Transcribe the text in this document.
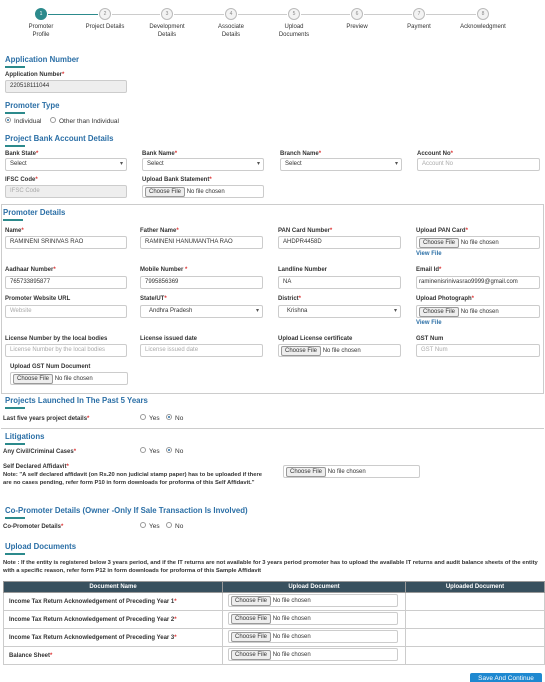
1
Promoter
Profile
2
Project Details
3
Development
Details
4
Associate
Details
5
Upload
Documents
6
Preview
7
Payment
8
Acknowledgment
Application Number
Application Number*
220518111044
Promoter Type
Individual	Other than Individual
Project Bank Account Details
Bank State*
Select ▾
Bank Name*
Select ▾
Branch Name*
Select ▾
Account No*
Account No
IFSC Code*
IFSC Code
Upload Bank Statement*
Choose File No file chosen
Promoter Details
Name*
RAMINENI SRINIVAS RAO
Father Name*
RAMINENI HANUMANTHA RAO
PAN Card Number*
AHDPR4458D
Upload PAN Card*
Choose File No file chosen
View File
Aadhaar Number*
765733895877
Mobile Number *
7995856369
Landline Number
NA
Email Id*
raminenisrinivasrao9999@gmail.com
Promoter Website URL
Website
State/UT*
Andhra Pradesh ▾
District*
Krishna ▾
Upload Photograph*
Choose File No file chosen
View File
License Number by the local bodies
License Number by the local bodies
License issued date
License issued date
Upload License certificate
Choose File No file chosen
GST Num
GST Num
Upload GST Num Document
Choose File No file chosen
Projects Launched In The Past 5 Years
Last five years project details*	Yes	No
Litigations
Any Civil/Criminal Cases*	Yes	No
Self Declared Affidavit*
Note: "A self declared affidavit (on Rs.20 non judicial stamp paper) has to be uploaded if there are no cases pending, refer form P10 in form downloads for proforma of this Self Affidavit."
Choose File No file chosen
Co-Promoter Details (Owner -Only If Sale Transaction Is Involved)
Co-Promoter Details*	Yes	No
Upload Documents
Note : If the entity is registered below 3 years period, and if the IT returns are not available for 3 years period promoter has to upload the available IT returns and audit balance sheets of the entity with a specific reason, refer form P12 in form downloads for proforma of this Sample Affidavit
Document Name	Upload Document	Uploaded Document
Income Tax Return Acknowledgement of Preceding Year 1*	Choose File No file chosen	
Income Tax Return Acknowledgement of Preceding Year 2*	Choose File No file chosen	
Income Tax Return Acknowledgement of Preceding Year 3*	Choose File No file chosen	
Balance Sheet*	Choose File No file chosen	
Save And Continue
